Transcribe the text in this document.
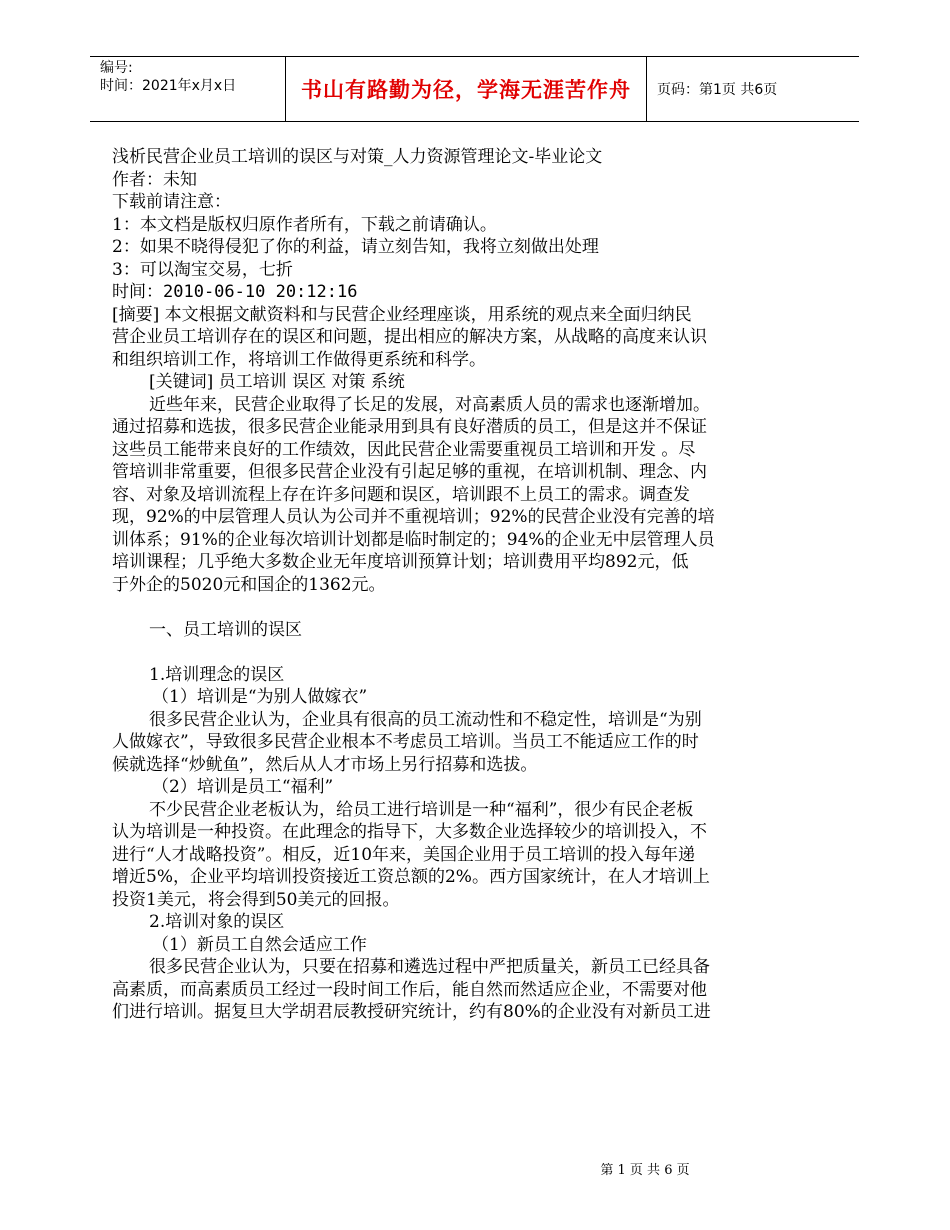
编号:
时间：2021年x月x日	书山有路勤为径，学海无涯苦作舟	页码：第1页 共6页
浅析民营企业员工培训的误区与对策_人力资源管理论文-毕业论文
作者：未知
下载前请注意：
1：本文档是版权归原作者所有，下载之前请确认。
2：如果不晓得侵犯了你的利益，请立刻告知，我将立刻做出处理
3：可以淘宝交易，七折
时间：2010-06-10 20:12:16
[摘要] 本文根据文献资料和与民营企业经理座谈，用系统的观点来全面归纳民
营企业员工培训存在的误区和问题，提出相应的解决方案，从战略的高度来认识
和组织培训工作，将培训工作做得更系统和科学。
[关键词] 员工培训 误区 对策 系统
近些年来，民营企业取得了长足的发展，对高素质人员的需求也逐渐增加。
通过招募和选拔，很多民营企业能录用到具有良好潜质的员工，但是这并不保证
这些员工能带来良好的工作绩效，因此民营企业需要重视员工培训和开发 。尽
管培训非常重要，但很多民营企业没有引起足够的重视，在培训机制、理念、内
容、对象及培训流程上存在许多问题和误区，培训跟不上员工的需求。调查发
现，92%的中层管理人员认为公司并不重视培训；92%的民营企业没有完善的培
训体系；91%的企业每次培训计划都是临时制定的；94%的企业无中层管理人员
培训课程；几乎绝大多数企业无年度培训预算计划；培训费用平均892元，低
于外企的5020元和国企的1362元。
一、员工培训的误区
1.培训理念的误区
（1）培训是“为别人做嫁衣”
很多民营企业认为，企业具有很高的员工流动性和不稳定性，培训是“为别
人做嫁衣”，导致很多民营企业根本不考虑员工培训。当员工不能适应工作的时
候就选择“炒鱿鱼”，然后从人才市场上另行招募和选拔。
（2）培训是员工“福利”
不少民营企业老板认为，给员工进行培训是一种“福利”，很少有民企老板
认为培训是一种投资。在此理念的指导下，大多数企业选择较少的培训投入，不
进行“人才战略投资”。相反，近10年来，美国企业用于员工培训的投入每年递
增近5%，企业平均培训投资接近工资总额的2%。西方国家统计，在人才培训上
投资1美元，将会得到50美元的回报。
2.培训对象的误区
（1）新员工自然会适应工作
很多民营企业认为，只要在招募和遴选过程中严把质量关，新员工已经具备
高素质，而高素质员工经过一段时间工作后，能自然而然适应企业，不需要对他
们进行培训。据复旦大学胡君辰教授研究统计，约有80%的企业没有对新员工进
第 1 页 共 6 页
